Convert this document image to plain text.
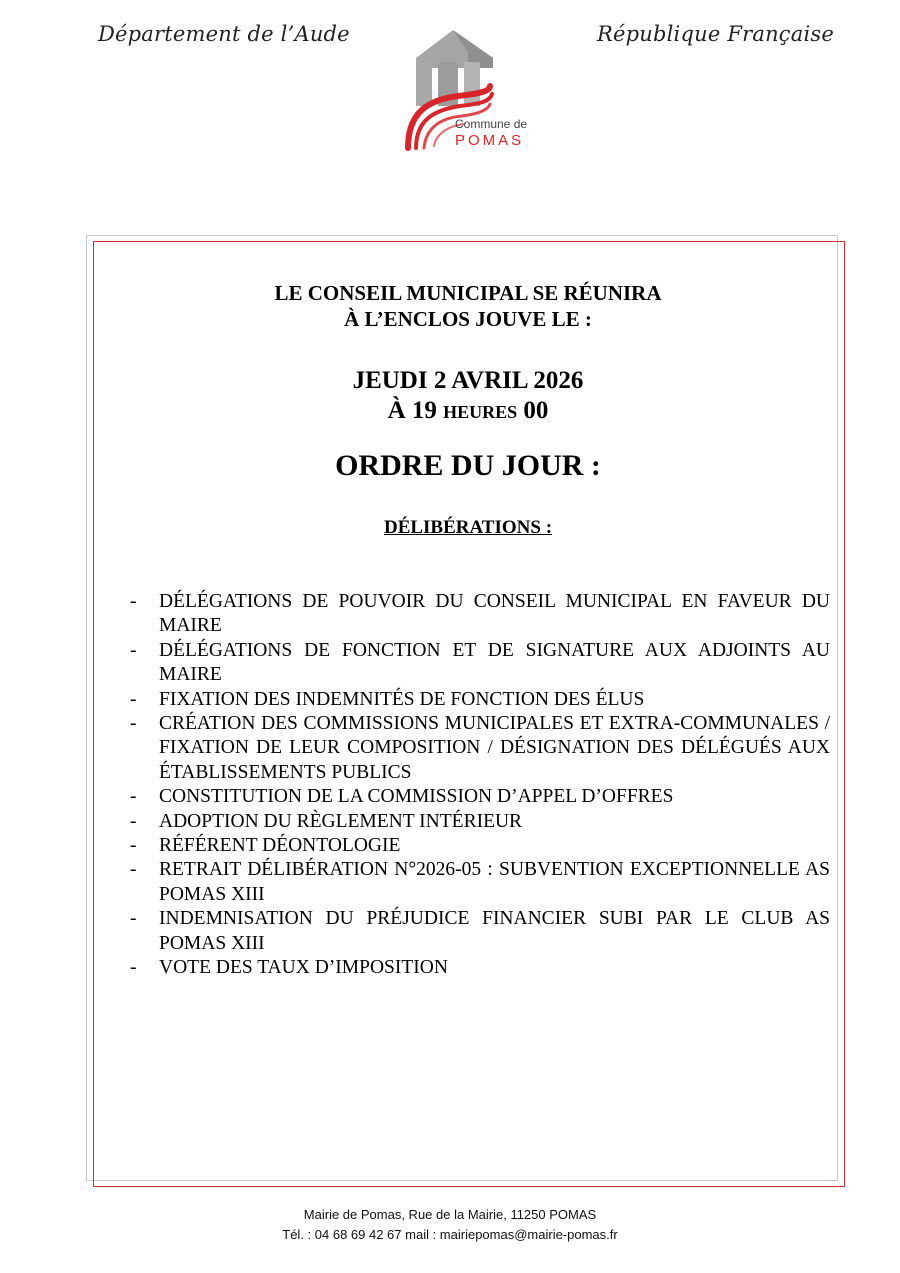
Département de l’Aude	République Française
Commune de
POMAS
LE CONSEIL MUNICIPAL SE RÉUNIRA
À L’ENCLOS JOUVE LE :
JEUDI 2 AVRIL 2026
À 19 HEURES 00
ORDRE DU JOUR :
DÉLIBÉRATIONS :
- DÉLÉGATIONS DE POUVOIR DU CONSEIL MUNICIPAL EN FAVEUR DU MAIRE
- DÉLÉGATIONS DE FONCTION ET DE SIGNATURE AUX ADJOINTS AU MAIRE
- FIXATION DES INDEMNITÉS DE FONCTION DES ÉLUS
- CRÉATION DES COMMISSIONS MUNICIPALES ET EXTRA-COMMUNALES / FIXATION DE LEUR COMPOSITION / DÉSIGNATION DES DÉLÉGUÉS AUX ÉTABLISSEMENTS PUBLICS
- CONSTITUTION DE LA COMMISSION D’APPEL D’OFFRES
- ADOPTION DU RÈGLEMENT INTÉRIEUR
- RÉFÉRENT DÉONTOLOGIE
- RETRAIT DÉLIBÉRATION N°2026-05 : SUBVENTION EXCEPTIONNELLE AS POMAS XIII
- INDEMNISATION DU PRÉJUDICE FINANCIER SUBI PAR LE CLUB AS POMAS XIII
- VOTE DES TAUX D’IMPOSITION
Mairie de Pomas, Rue de la Mairie, 11250 POMAS
Tél. : 04 68 69 42 67 mail : mairiepomas@mairie-pomas.fr
